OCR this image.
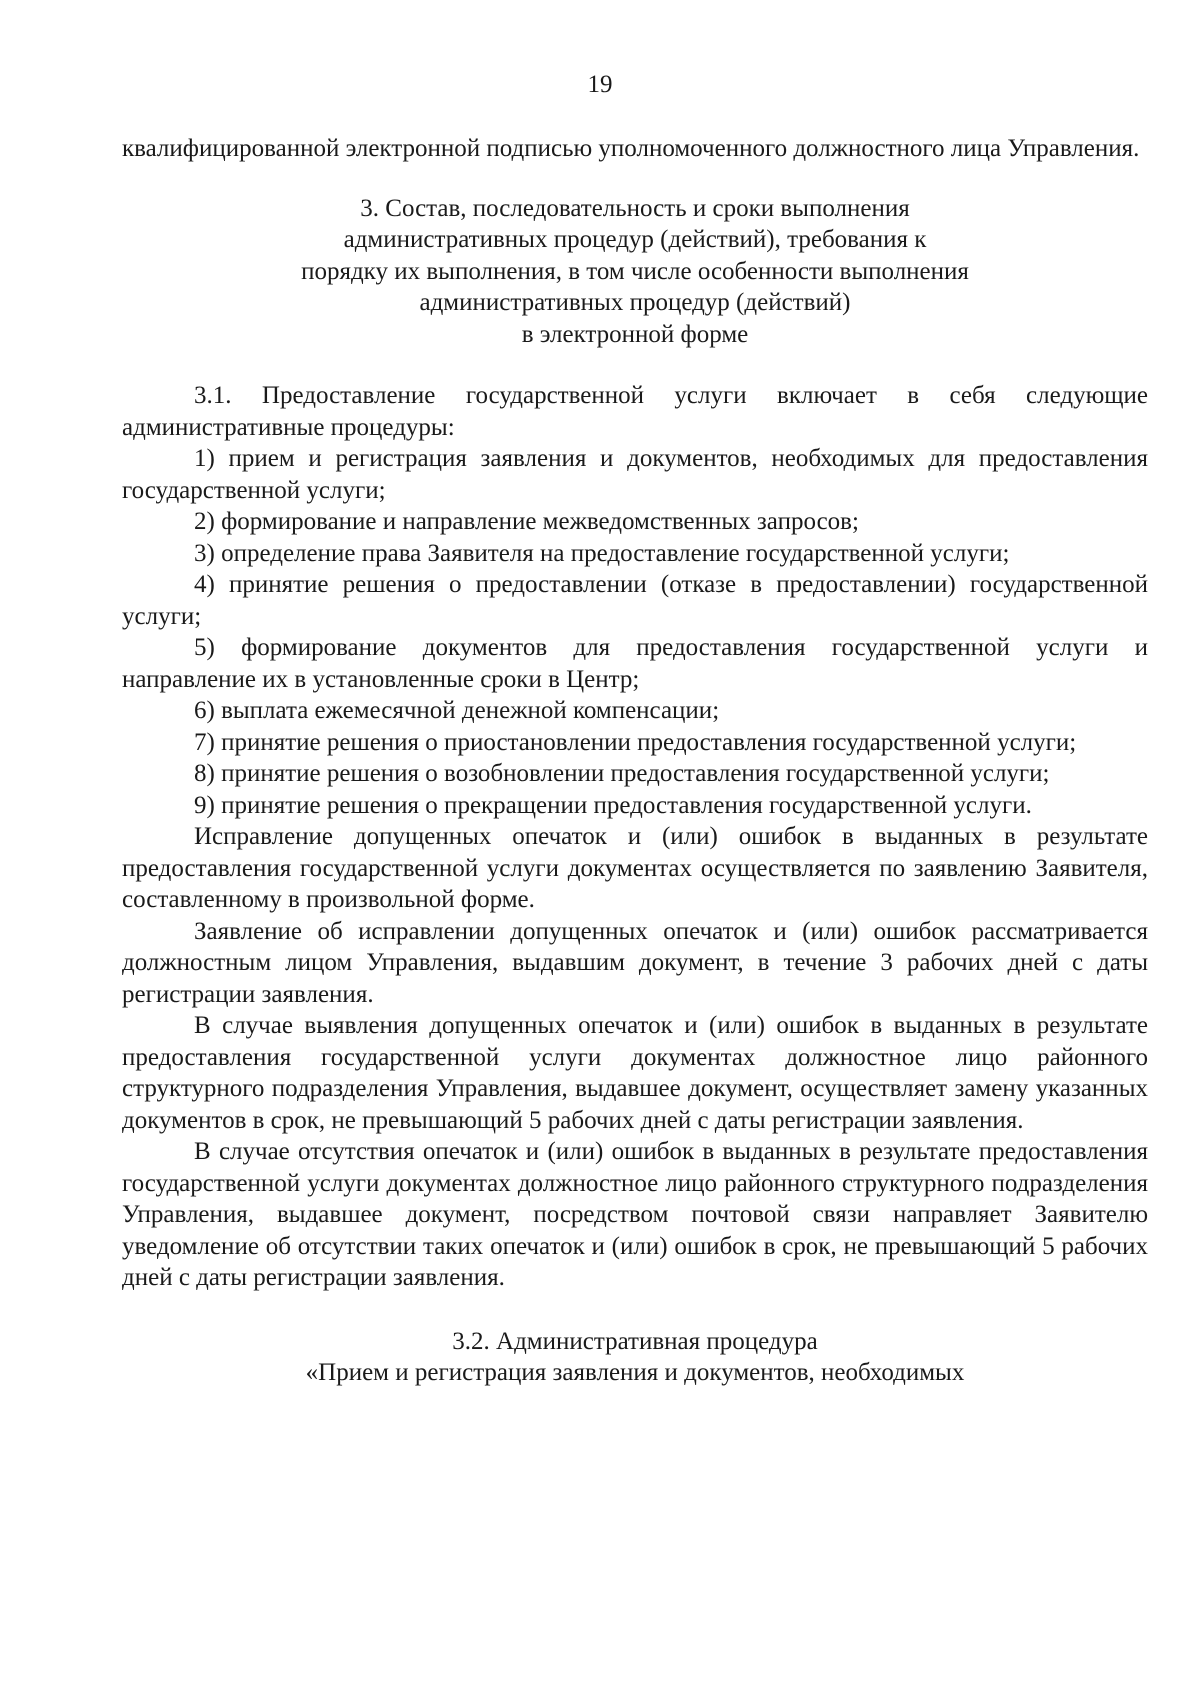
19

квалифицированной электронной подписью уполномоченного должностного лица Управления.

3. Состав, последовательность и сроки выполнения
административных процедур (действий), требования к
порядку их выполнения, в том числе особенности выполнения
административных процедур (действий)
в электронной форме

3.1. Предоставление государственной услуги включает в себя следующие административные процедуры:

1) прием и регистрация заявления и документов, необходимых для предоставления государственной услуги;

2) формирование и направление межведомственных запросов;

3) определение права Заявителя на предоставление государственной услуги;

4) принятие решения о предоставлении (отказе в предоставлении) государственной услуги;

5) формирование документов для предоставления государственной услуги и направление их в установленные сроки в Центр;

6) выплата ежемесячной денежной компенсации;

7) принятие решения о приостановлении предоставления государственной услуги;

8) принятие решения о возобновлении предоставления государственной услуги;

9) принятие решения о прекращении предоставления государственной услуги.

Исправление допущенных опечаток и (или) ошибок в выданных в результате предоставления государственной услуги документах осуществляется по заявлению Заявителя, составленному в произвольной форме.

Заявление об исправлении допущенных опечаток и (или) ошибок рассматривается должностным лицом Управления, выдавшим документ, в течение 3 рабочих дней с даты регистрации заявления.

В случае выявления допущенных опечаток и (или) ошибок в выданных в результате предоставления государственной услуги документах должностное лицо районного структурного подразделения Управления, выдавшее документ, осуществляет замену указанных документов в срок, не превышающий 5 рабочих дней с даты регистрации заявления.

В случае отсутствия опечаток и (или) ошибок в выданных в результате предоставления государственной услуги документах должностное лицо районного структурного подразделения Управления, выдавшее документ, посредством почтовой связи направляет Заявителю уведомление об отсутствии таких опечаток и (или) ошибок в срок, не превышающий 5 рабочих дней с даты регистрации заявления.

3.2. Административная процедура
«Прием и регистрация заявления и документов, необходимых
